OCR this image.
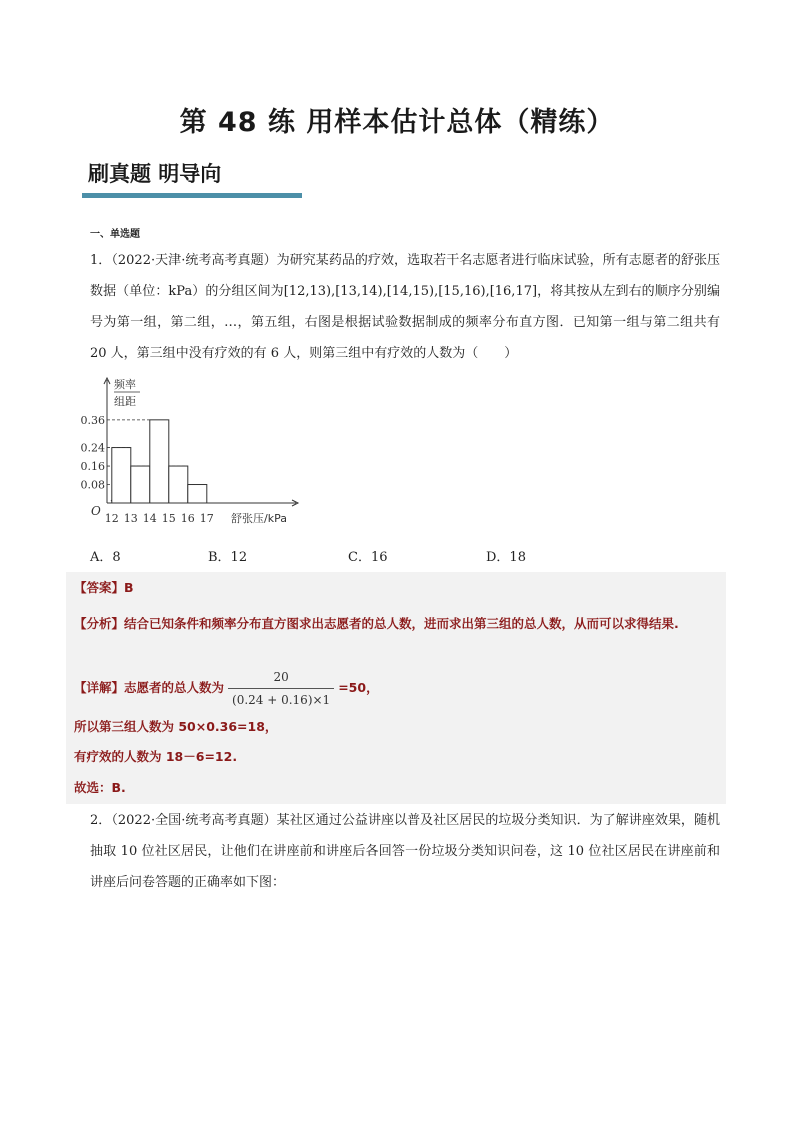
第 48 练 用样本估计总体（精练）
刷真题 明导向
一、单选题
1．（2022·天津·统考高考真题）为研究某药品的疗效，选取若干名志愿者进行临床试验，所有志愿者的舒张压数据（单位：kPa）的分组区间为[12,13),[13,14),[14,15),[15,16),[16,17]，将其按从左到右的顺序分别编号为第一组，第二组，…，第五组，右图是根据试验数据制成的频率分布直方图．已知第一组与第二组共有 20 人，第三组中没有疗效的有 6 人，则第三组中有疗效的人数为（　　）
频率
组距
0.36
0.24
0.16
0.08
12 13 14 15 16 17
O
舒张压/kPa
A．8	B．12	C．16	D．18
【答案】B
【分析】结合已知条件和频率分布直方图求出志愿者的总人数，进而求出第三组的总人数，从而可以求得结果.
【详解】志愿者的总人数为 $\frac{20}{(0.24 + 0.16)\times 1} =50$，
所以第三组人数为 50×0.36=18，
有疗效的人数为 18－6=12.
故选：B.
2．（2022·全国·统考高考真题）某社区通过公益讲座以普及社区居民的垃圾分类知识．为了解讲座效果，随机抽取 10 位社区居民，让他们在讲座前和讲座后各回答一份垃圾分类知识问卷，这 10 位社区居民在讲座前和讲座后问卷答题的正确率如下图：
